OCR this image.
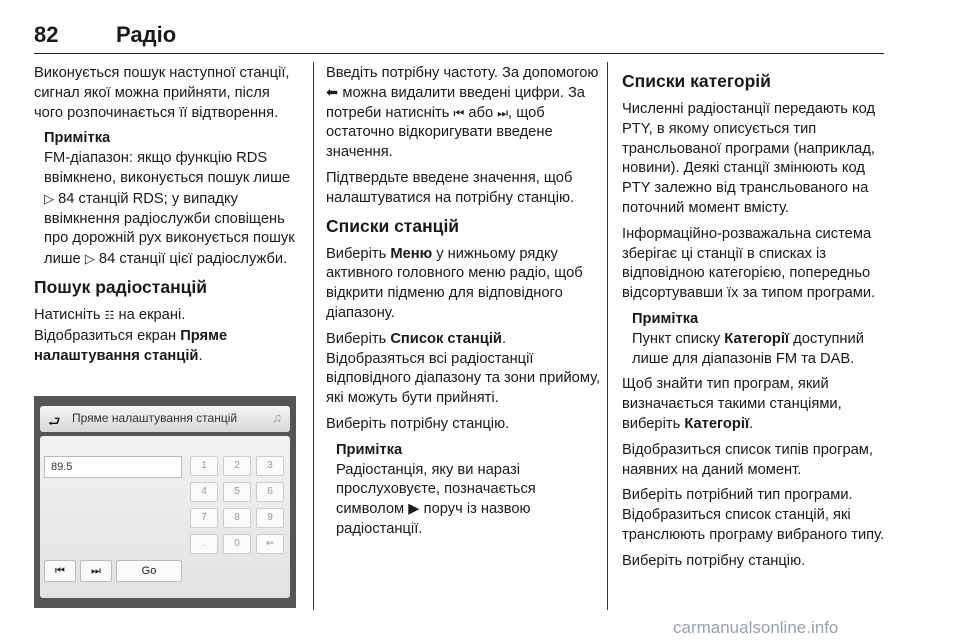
82	Радіо

Виконується пошук наступної станції, сигнал якої можна прийняти, після чого розпочинається її відтворення.

Примітка
FM-діапазон: якщо функцію RDS ввімкнено, виконується пошук лише ▷ 84 станцій RDS; у випадку ввімкнення радіослужби сповіщень про дорожній рух виконується пошук лише ▷ 84 станції цієї радіослужби.
Пошук радіостанцій

Натисніть ☷ на екрані.

Відобразиться екран Пряме налаштування станцій.

⮐ Пряме налаштування станцій	♫
89.5	1	2	3
4	5	6
7	8	9
.	0	⇐
⏮	⏭	Go

Введіть потрібну частоту. За допомогою ⬅ можна видалити введені цифри. За потреби натисніть ⏮ або ⏭, щоб остаточно відкоригувати введене значення.

Підтвердьте введене значення, щоб налаштуватися на потрібну станцію.

Списки станцій

Виберіть Меню у нижньому рядку активного головного меню радіо, щоб відкрити підменю для відповідного діапазону.

Виберіть Список станцій. Відобразяться всі радіостанції відповідного діапазону та зони прийому, які можуть бути прийняті.

Виберіть потрібну станцію.

Примітка
Радіостанція, яку ви наразі прослуховуєте, позначається символом ▶ поруч із назвою радіостанції.
Списки категорій

Численні радіостанції передають код PTY, в якому описується тип транcльованої програми (наприклад, новини). Деякі станції змінюють код PTY залежно від транcльованого на поточний момент вмісту.

Інформаційно-розважальна система зберігає ці станції в списках із відповідною категорією, попередньо відсортувавши їх за типом програми.

Примітка
Пункт списку Категорії доступний лише для діапазонів FM та DAB.

Щоб знайти тип програм, який визначається такими станціями, виберіть Категорії.

Відобразиться список типів програм, наявних на даний момент.

Виберіть потрібний тип програми. Відобразиться список станцій, які транслюють програму вибраного типу.

Виберіть потрібну станцію.

carmanualsonline.info
